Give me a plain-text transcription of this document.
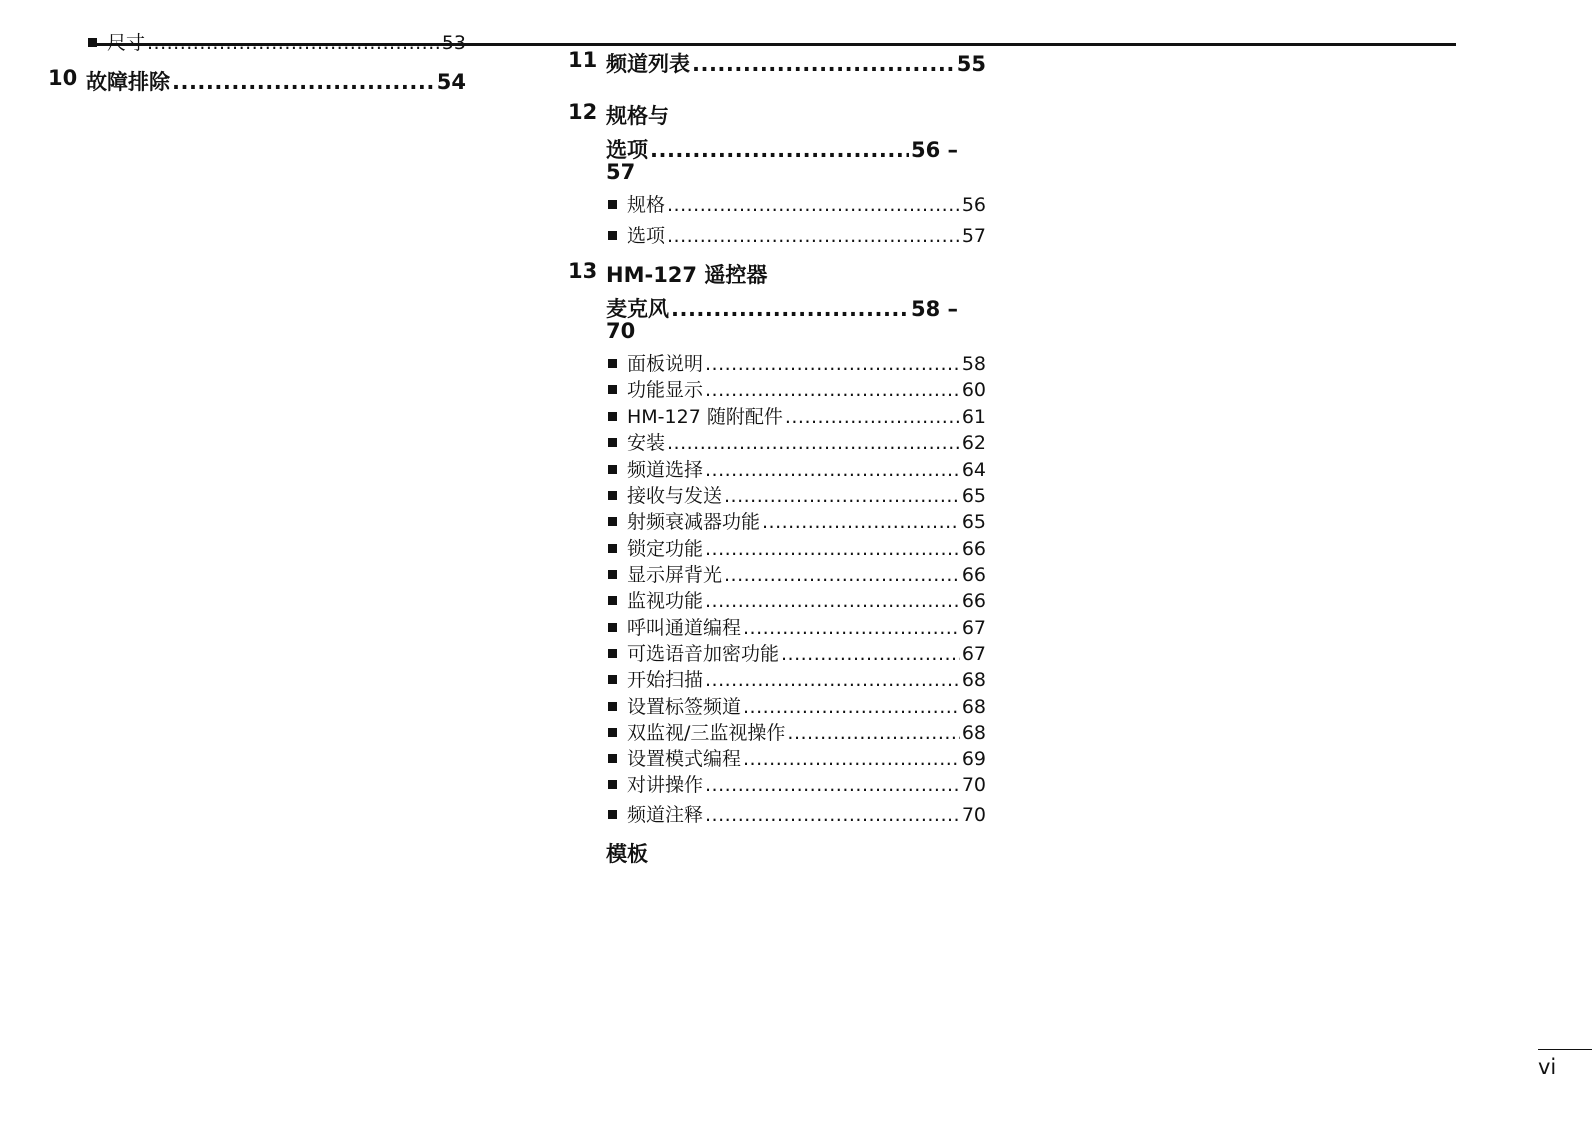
尺寸 .....	53
10 故障排除 .....	54
11 频道列表 .....	55
12 规格与
选项 .....	56 –
57
规格 .....	56
选项 .....	57
13 HM-127 遥控器
麦克风 .....	58 –
70
面板说明 .....	58
功能显示 .....	60
HM-127 随附配件 .....	61
安装 .....	62
频道选择 .....	64
接收与发送 .....	65
射频衰减器功能 .....	65
锁定功能 .....	66
显示屏背光 .....	66
监视功能 .....	66
呼叫通道编程 .....	67
可选语音加密功能 .....	67
开始扫描 .....	68
设置标签频道 .....	68
双监视/三监视操作 .....	68
设置模式编程 .....	69
对讲操作 .....	70
频道注释 .....	70
模板
vi
